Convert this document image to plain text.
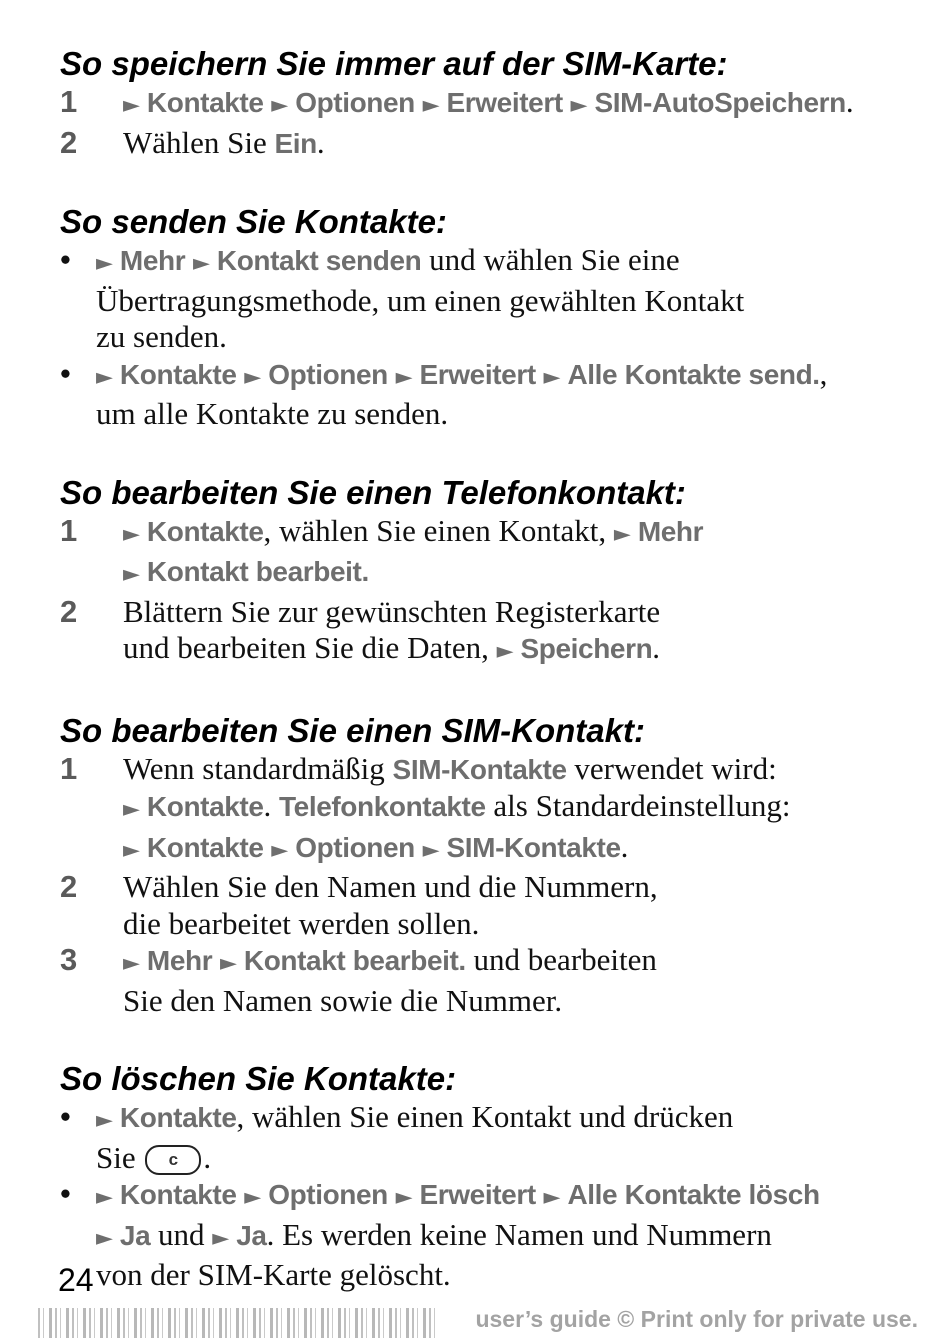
So speichern Sie immer auf der SIM-Karte:
1 ► Kontakte ► Optionen ► Erweitert ► SIM-AutoSpeichern.
2 Wählen Sie Ein.
So senden Sie Kontakte:
• ► Mehr ► Kontakt senden und wählen Sie eine
Übertragungsmethode, um einen gewählten Kontakt
zu senden.
• ► Kontakte ► Optionen ► Erweitert ► Alle Kontakte send.,
um alle Kontakte zu senden.
So bearbeiten Sie einen Telefonkontakt:
1 ► Kontakte, wählen Sie einen Kontakt, ► Mehr
► Kontakt bearbeit.
2 Blättern Sie zur gewünschten Registerkarte
und bearbeiten Sie die Daten, ► Speichern.
So bearbeiten Sie einen SIM-Kontakt:
1 Wenn standardmäßig SIM-Kontakte verwendet wird:
► Kontakte. Telefonkontakte als Standardeinstellung:
► Kontakte ► Optionen ► SIM-Kontakte.
2 Wählen Sie den Namen und die Nummern,
die bearbeitet werden sollen.
3 ► Mehr ► Kontakt bearbeit. und bearbeiten
Sie den Namen sowie die Nummer.
So löschen Sie Kontakte:
• ► Kontakte, wählen Sie einen Kontakt und drücken
Sie c .
• ► Kontakte ► Optionen ► Erweitert ► Alle Kontakte lösch
► Ja und ► Ja. Es werden keine Namen und Nummern
von der SIM-Karte gelöscht.
24
user’s guide © Print only for private use.
